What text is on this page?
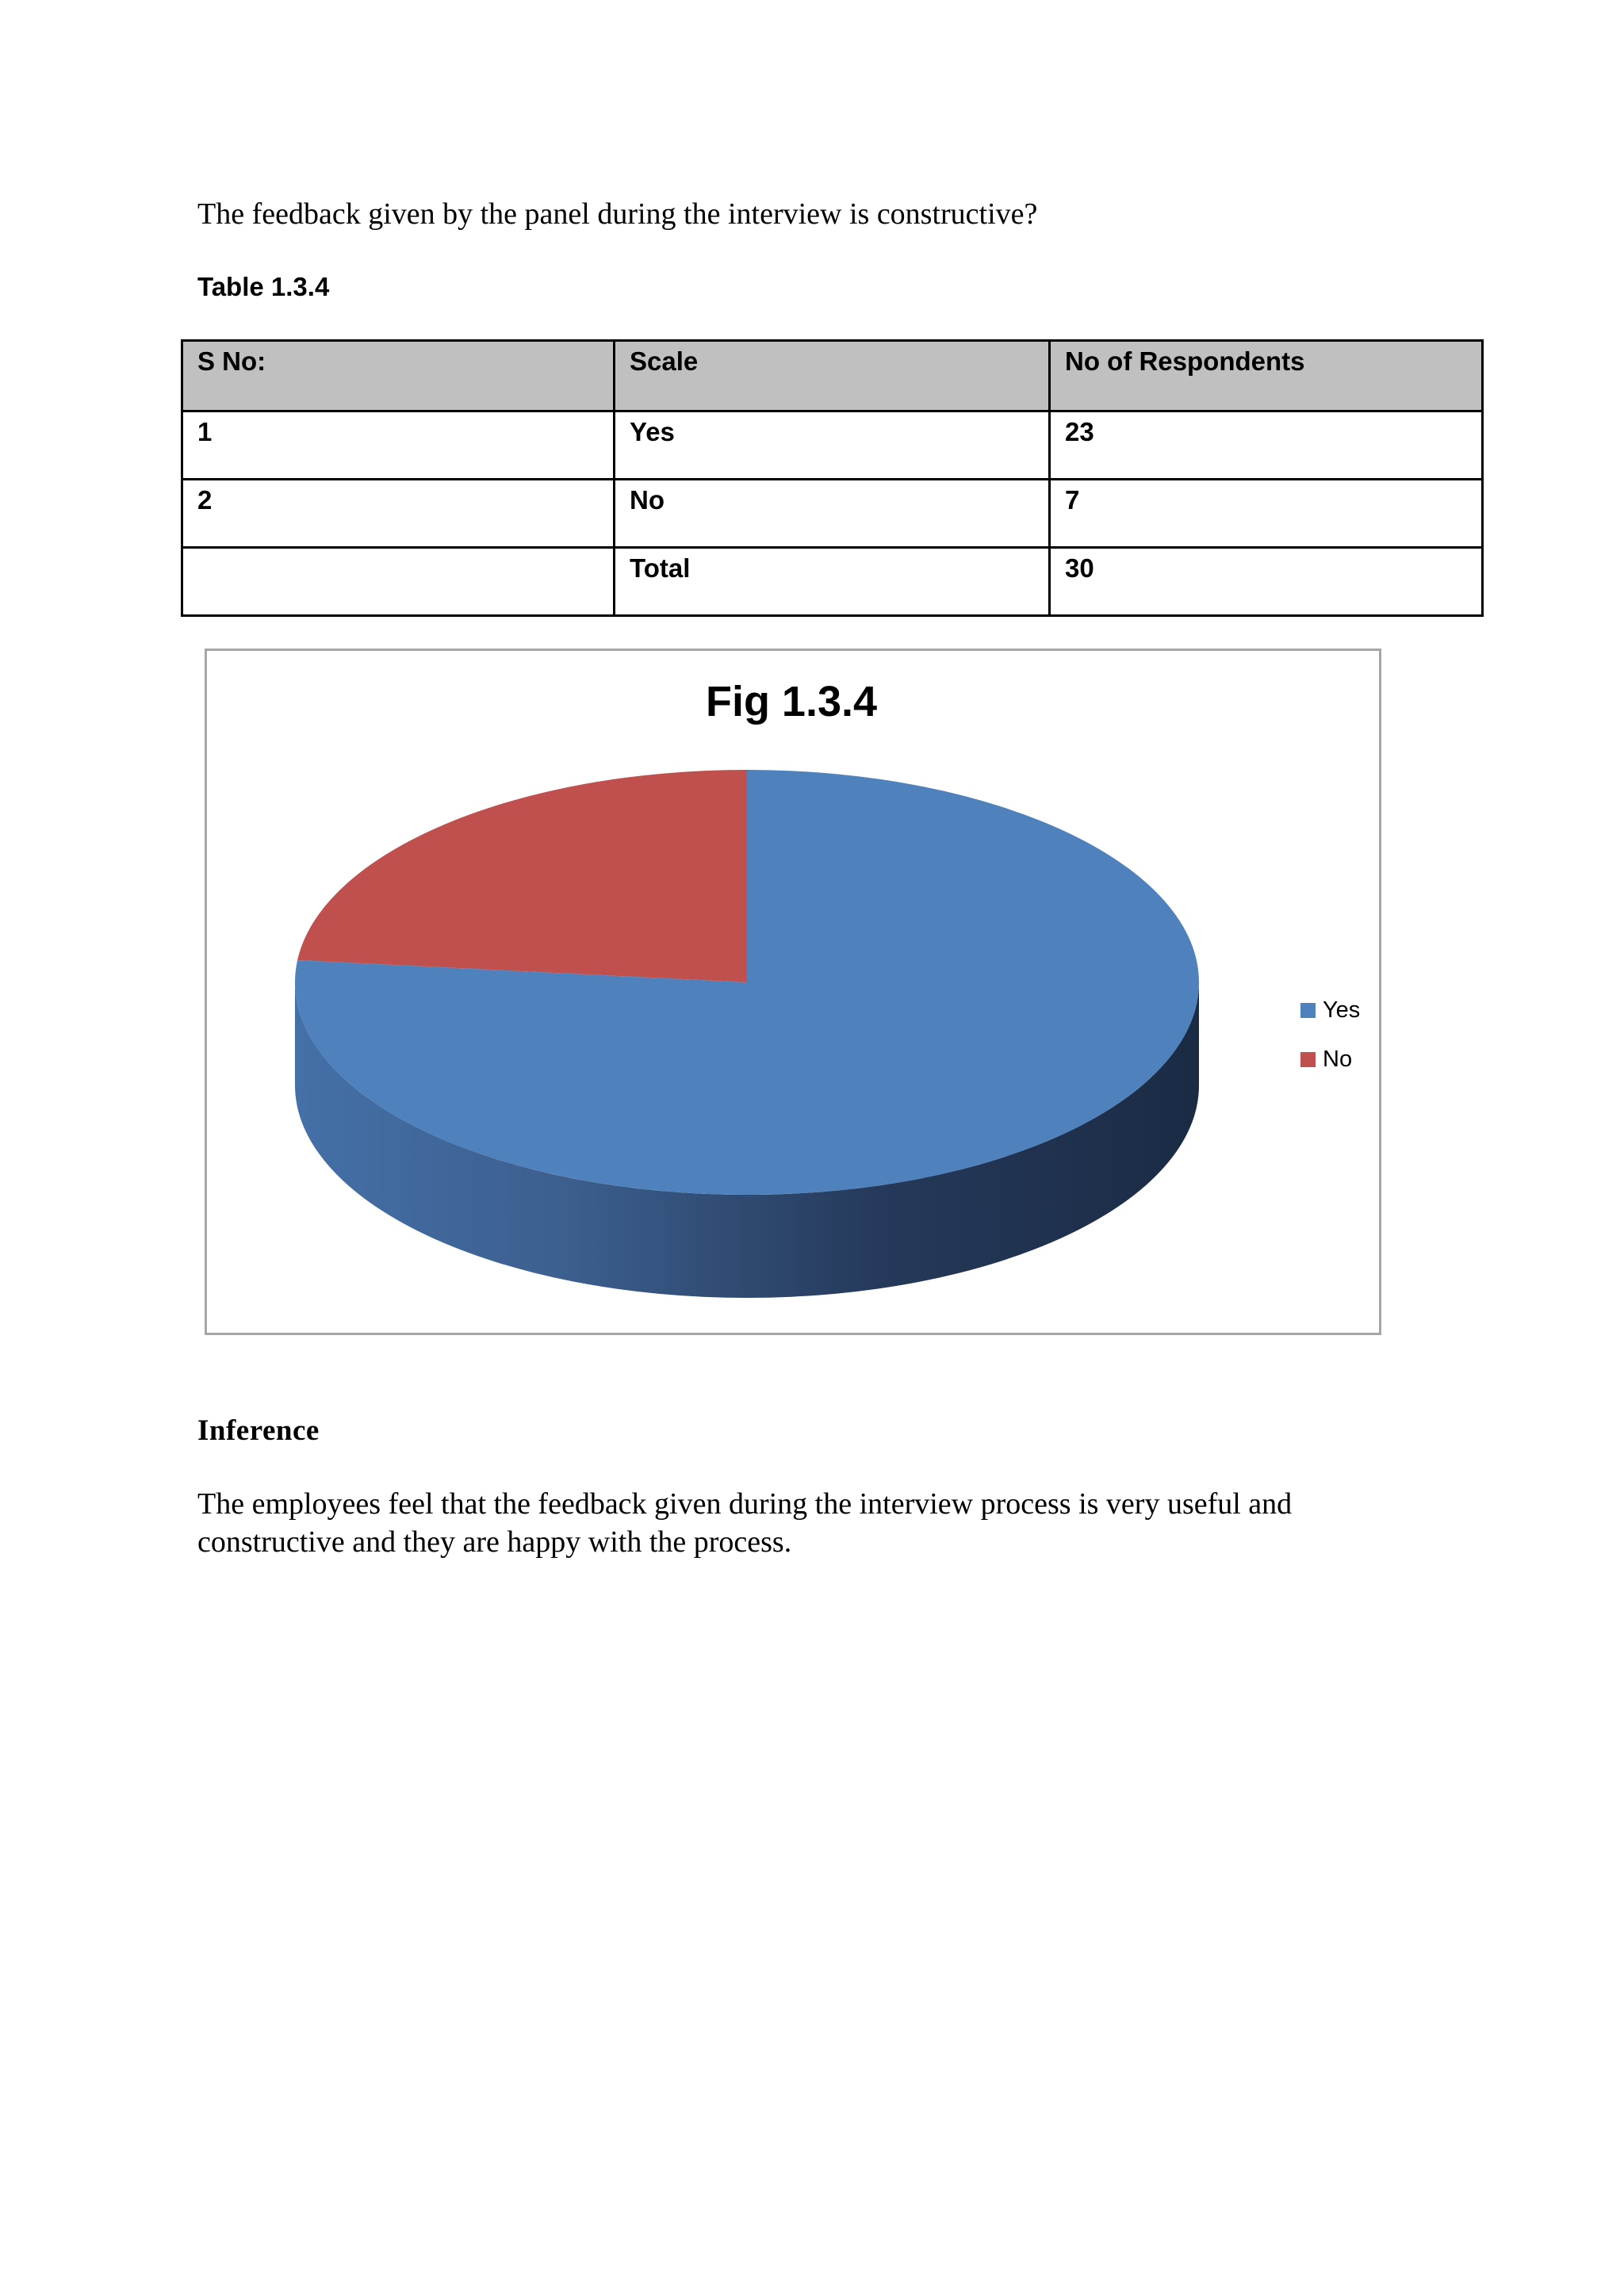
The feedback given by the panel during the interview is constructive?
Table 1.3.4
S No:	Scale	No of Respondents
1	Yes	23
2	No	7
	Total	30
Fig 1.3.4
Yes
No
Inference
The employees feel that the feedback given during the interview process is very useful and constructive and they are happy with the process.
